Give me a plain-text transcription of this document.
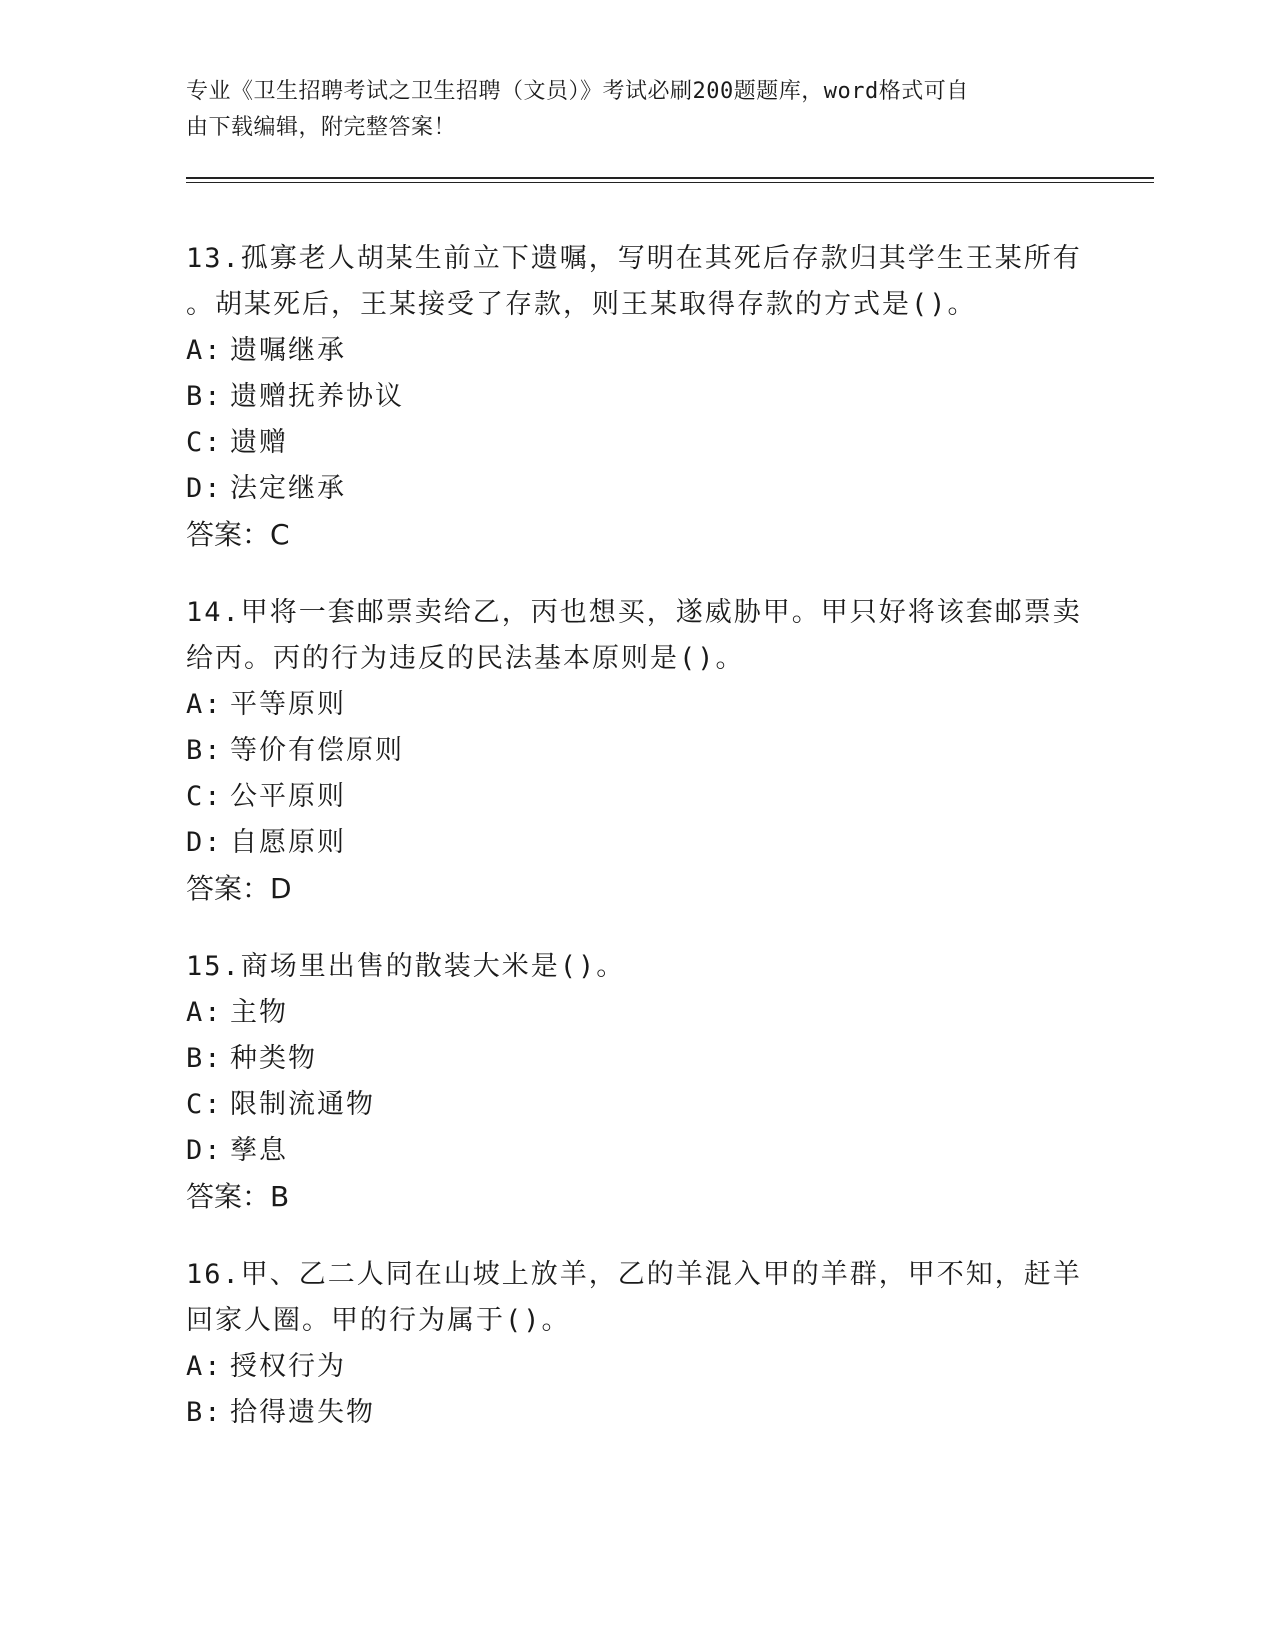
专业《卫生招聘考试之卫生招聘（文员）》考试必刷200题题库，word格式可自
由下载编辑，附完整答案！

13.孤寡老人胡某生前立下遗嘱，写明在其死后存款归其学生王某所有

。胡某死后，王某接受了存款，则王某取得存款的方式是()。

A: 遗嘱继承

B: 遗赠抚养协议

C: 遗赠

D: 法定继承

答案：C

14.甲将一套邮票卖给乙，丙也想买，遂威胁甲。甲只好将该套邮票卖

给丙。丙的行为违反的民法基本原则是()。

A: 平等原则

B: 等价有偿原则

C: 公平原则

D: 自愿原则

答案：D

15.商场里出售的散装大米是()。

A: 主物

B: 种类物

C: 限制流通物

D: 孳息

答案：B

16.甲、乙二人同在山坡上放羊，乙的羊混入甲的羊群，甲不知，赶羊

回家人圈。甲的行为属于()。

A: 授权行为

B: 拾得遗失物
